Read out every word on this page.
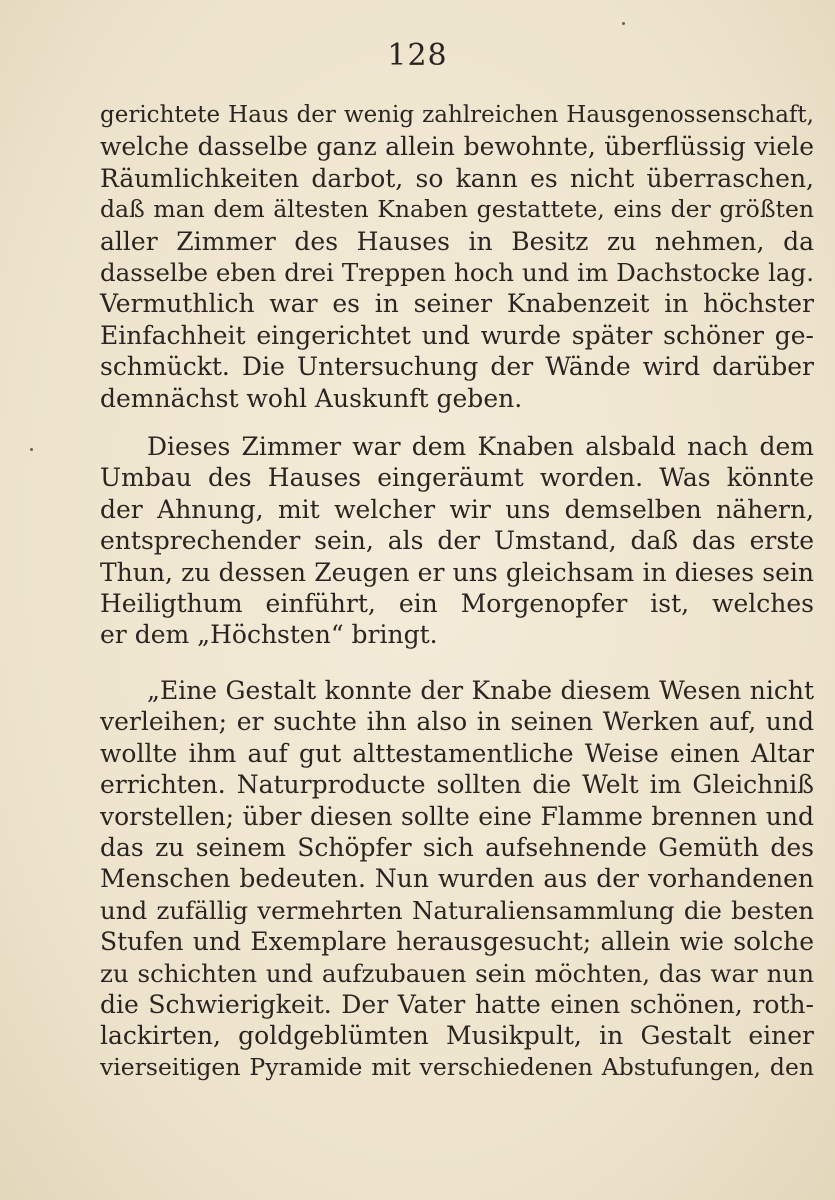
128
gerichtete Haus der wenig zahlreichen Hausgenossenschaft,
welche dasselbe ganz allein bewohnte, überflüssig viele
Räumlichkeiten darbot, so kann es nicht überraschen,
daß man dem ältesten Knaben gestattete, eins der größten
aller Zimmer des Hauses in Besitz zu nehmen, da
dasselbe eben drei Treppen hoch und im Dachstocke lag.
Vermuthlich war es in seiner Knabenzeit in höchster
Einfachheit eingerichtet und wurde später schöner ge-
schmückt. Die Untersuchung der Wände wird darüber
demnächst wohl Auskunft geben.
Dieses Zimmer war dem Knaben alsbald nach dem
Umbau des Hauses eingeräumt worden. Was könnte
der Ahnung, mit welcher wir uns demselben nähern,
entsprechender sein, als der Umstand, daß das erste
Thun, zu dessen Zeugen er uns gleichsam in dieses sein
Heiligthum einführt, ein Morgenopfer ist, welches
er dem „Höchsten“ bringt.
„Eine Gestalt konnte der Knabe diesem Wesen nicht
verleihen; er suchte ihn also in seinen Werken auf, und
wollte ihm auf gut alttestamentliche Weise einen Altar
errichten. Naturproducte sollten die Welt im Gleichniß
vorstellen; über diesen sollte eine Flamme brennen und
das zu seinem Schöpfer sich aufsehnende Gemüth des
Menschen bedeuten. Nun wurden aus der vorhandenen
und zufällig vermehrten Naturaliensammlung die besten
Stufen und Exemplare herausgesucht; allein wie solche
zu schichten und aufzubauen sein möchten, das war nun
die Schwierigkeit. Der Vater hatte einen schönen, roth-
lackirten, goldgeblümten Musikpult, in Gestalt einer
vierseitigen Pyramide mit verschiedenen Abstufungen, den
